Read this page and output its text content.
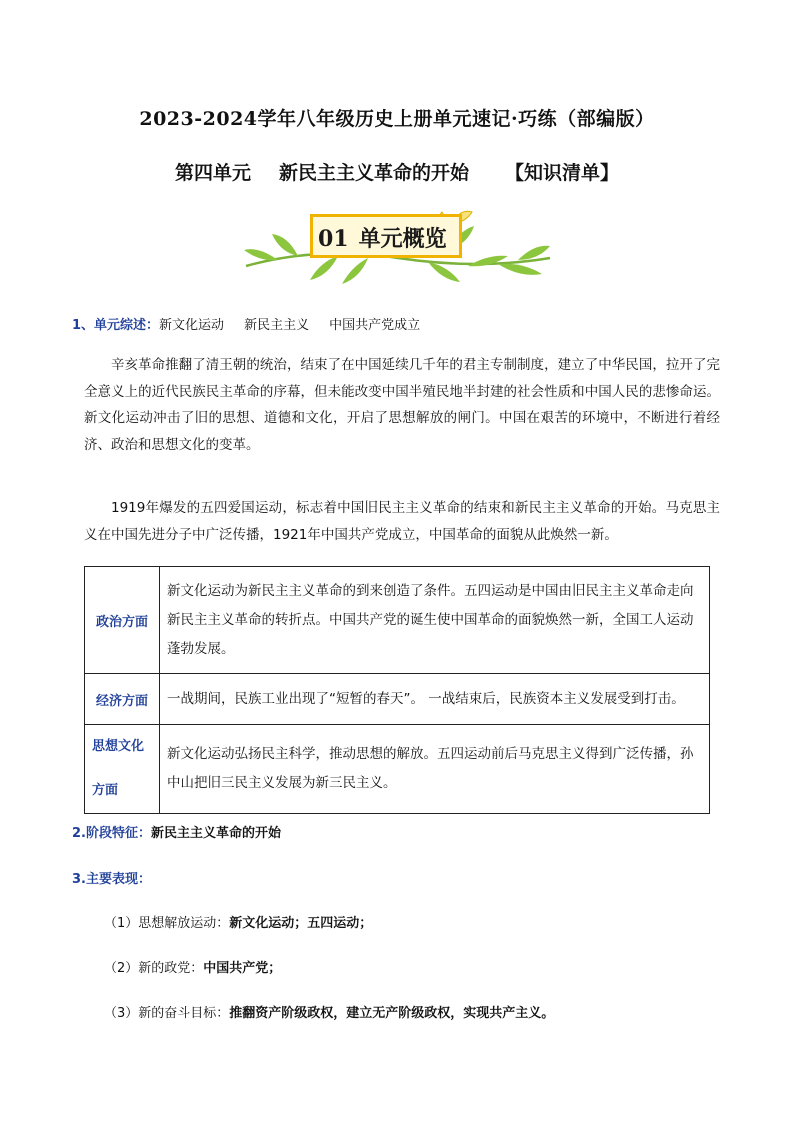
2023-2024学年八年级历史上册单元速记·巧练（部编版）
第四单元 新民主主义革命的开始 【知识清单】
01 单元概览
1、单元综述：新文化运动 新民主主义 中国共产党成立
辛亥革命推翻了清王朝的统治，结束了在中国延续几千年的君主专制制度，建立了中华民国，拉开了完全意义上的近代民族民主革命的序幕，但未能改变中国半殖民地半封建的社会性质和中国人民的悲惨命运。新文化运动冲击了旧的思想、道德和文化，开启了思想解放的闸门。中国在艰苦的环境中，不断进行着经济、政治和思想文化的变革。
1919年爆发的五四爱国运动，标志着中国旧民主主义革命的结束和新民主主义革命的开始。马克思主义在中国先进分子中广泛传播，1921年中国共产党成立，中国革命的面貌从此焕然一新。
政治方面	新文化运动为新民主主义革命的到来创造了条件。五四运动是中国由旧民主主义革命走向新民主主义革命的转折点。中国共产党的诞生使中国革命的面貌焕然一新，全国工人运动蓬勃发展。
经济方面	一战期间，民族工业出现了“短暂的春天”。 一战结束后，民族资本主义发展受到打击。
思想文化方面	新文化运动弘扬民主科学，推动思想的解放。五四运动前后马克思主义得到广泛传播，孙中山把旧三民主义发展为新三民主义。
2.阶段特征：新民主主义革命的开始
3.主要表现：
（1）思想解放运动：新文化运动；五四运动；
（2）新的政党：中国共产党；
（3）新的奋斗目标：推翻资产阶级政权，建立无产阶级政权，实现共产主义。
